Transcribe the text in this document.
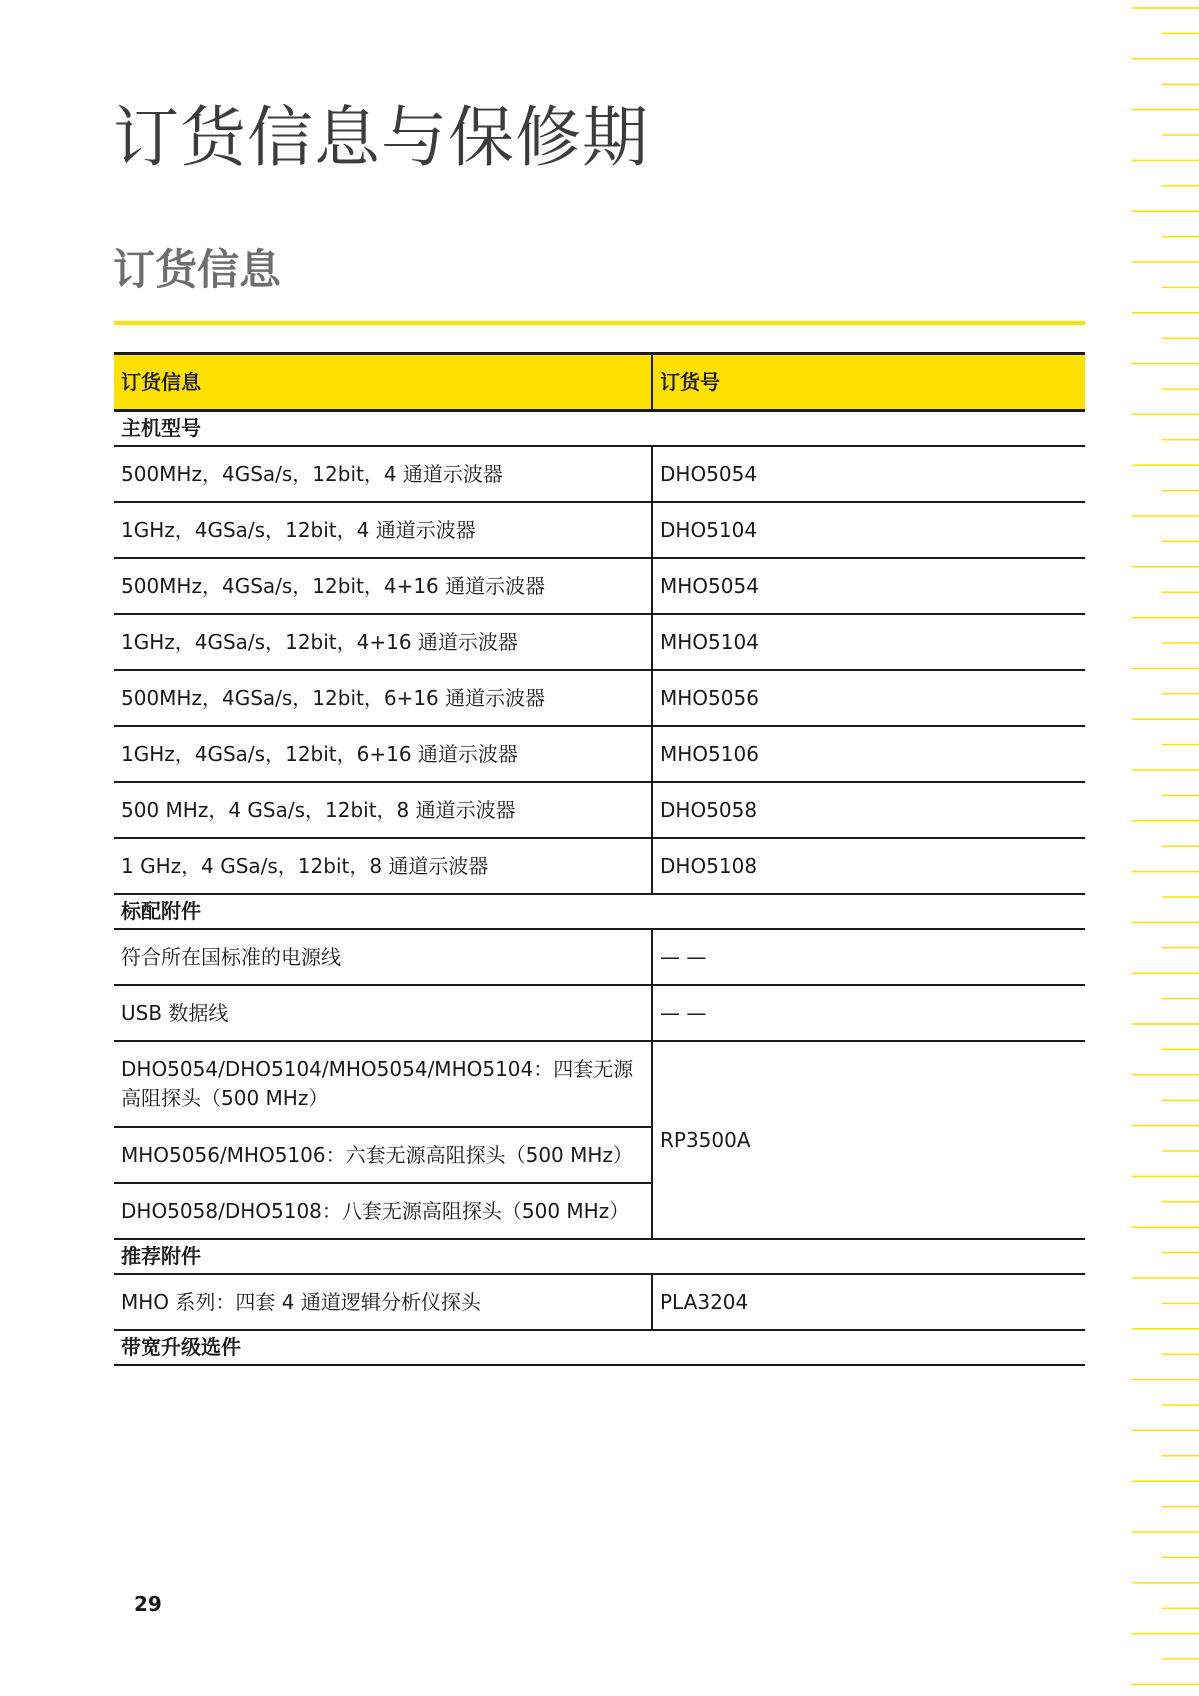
订货信息与保修期
订货信息
订货信息	订货号
主机型号	
500MHz，4GSa/s，12bit，4 通道示波器	DHO5054
1GHz，4GSa/s，12bit，4 通道示波器	DHO5104
500MHz，4GSa/s，12bit，4+16 通道示波器	MHO5054
1GHz，4GSa/s，12bit，4+16 通道示波器	MHO5104
500MHz，4GSa/s，12bit，6+16 通道示波器	MHO5056
1GHz，4GSa/s，12bit，6+16 通道示波器	MHO5106
500 MHz，4 GSa/s，12bit，8 通道示波器	DHO5058
1 GHz，4 GSa/s，12bit，8 通道示波器	DHO5108
标配附件	
符合所在国标准的电源线	— —
USB 数据线	— —
DHO5054/DHO5104/MHO5054/MHO5104：四套无源高阻探头（500 MHz）	RP3500A
MHO5056/MHO5106：六套无源高阻探头（500 MHz）	
DHO5058/DHO5108：八套无源高阻探头（500 MHz）	
推荐附件	
MHO 系列：四套 4 通道逻辑分析仪探头	PLA3204
带宽升级选件	
29
